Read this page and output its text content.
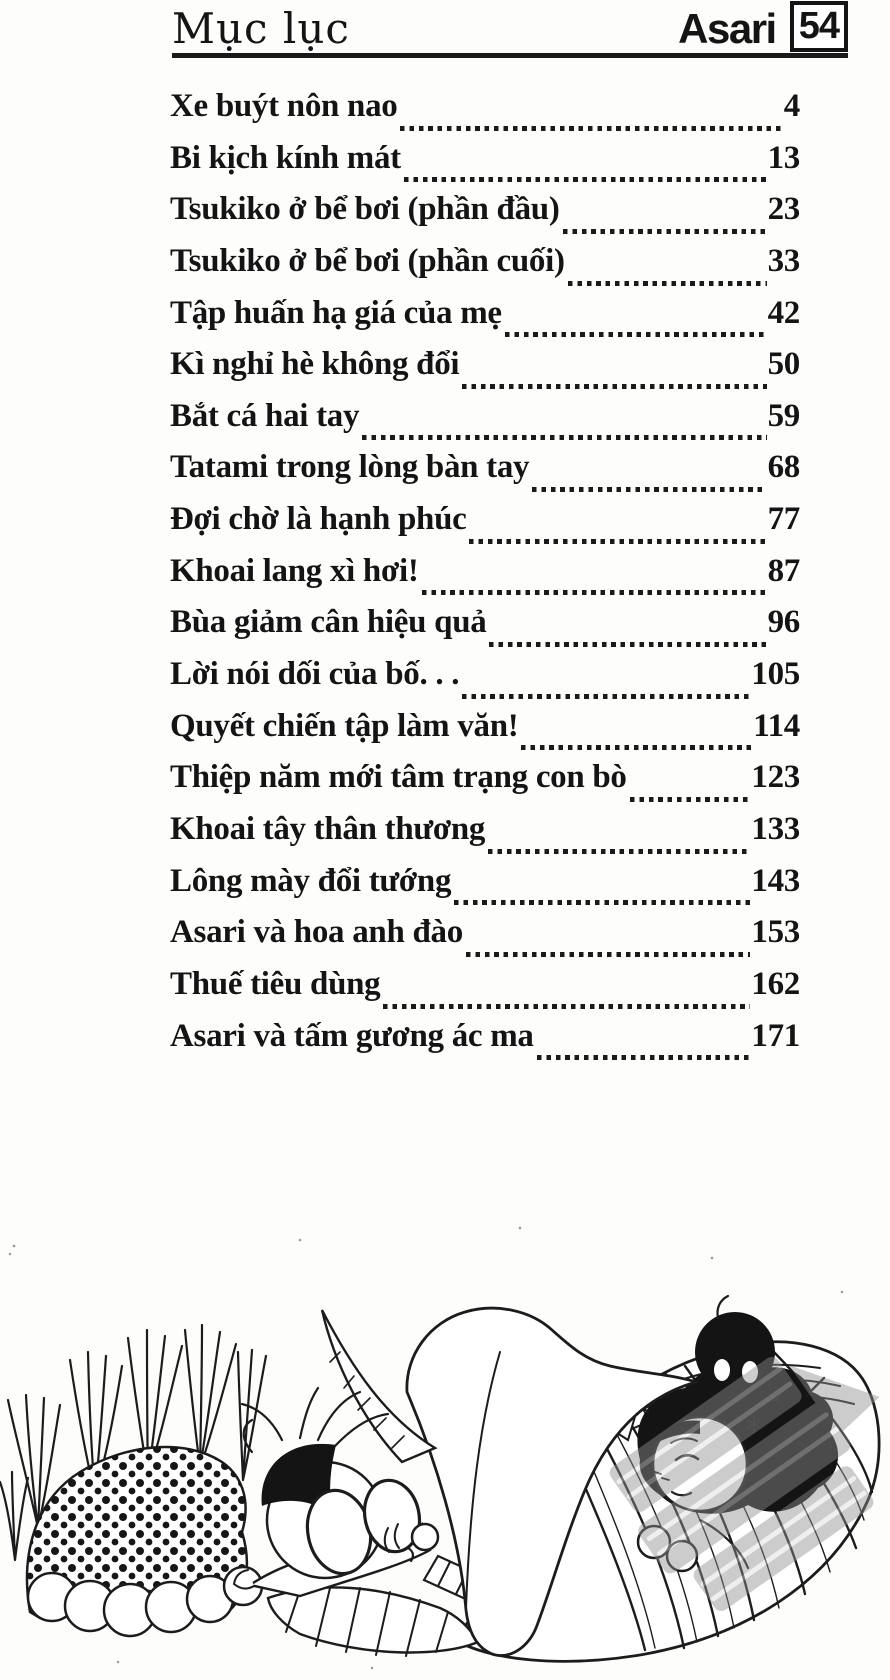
Mục lục	Asari 54
Xe buýt nôn nao	4
Bi kịch kính mát	13
Tsukiko ở bể bơi (phần đầu)	23
Tsukiko ở bể bơi (phần cuối)	33
Tập huấn hạ giá của mẹ	42
Kì nghỉ hè không đổi	50
Bắt cá hai tay	59
Tatami trong lòng bàn tay	68
Đợi chờ là hạnh phúc	77
Khoai lang xì hơi!	87
Bùa giảm cân hiệu quả	96
Lời nói dối của bố. . .	105
Quyết chiến tập làm văn!	114
Thiệp năm mới tâm trạng con bò	123
Khoai tây thân thương	133
Lông mày đổi tướng	143
Asari và hoa anh đào	153
Thuế tiêu dùng	162
Asari và tấm gương ác ma	171
